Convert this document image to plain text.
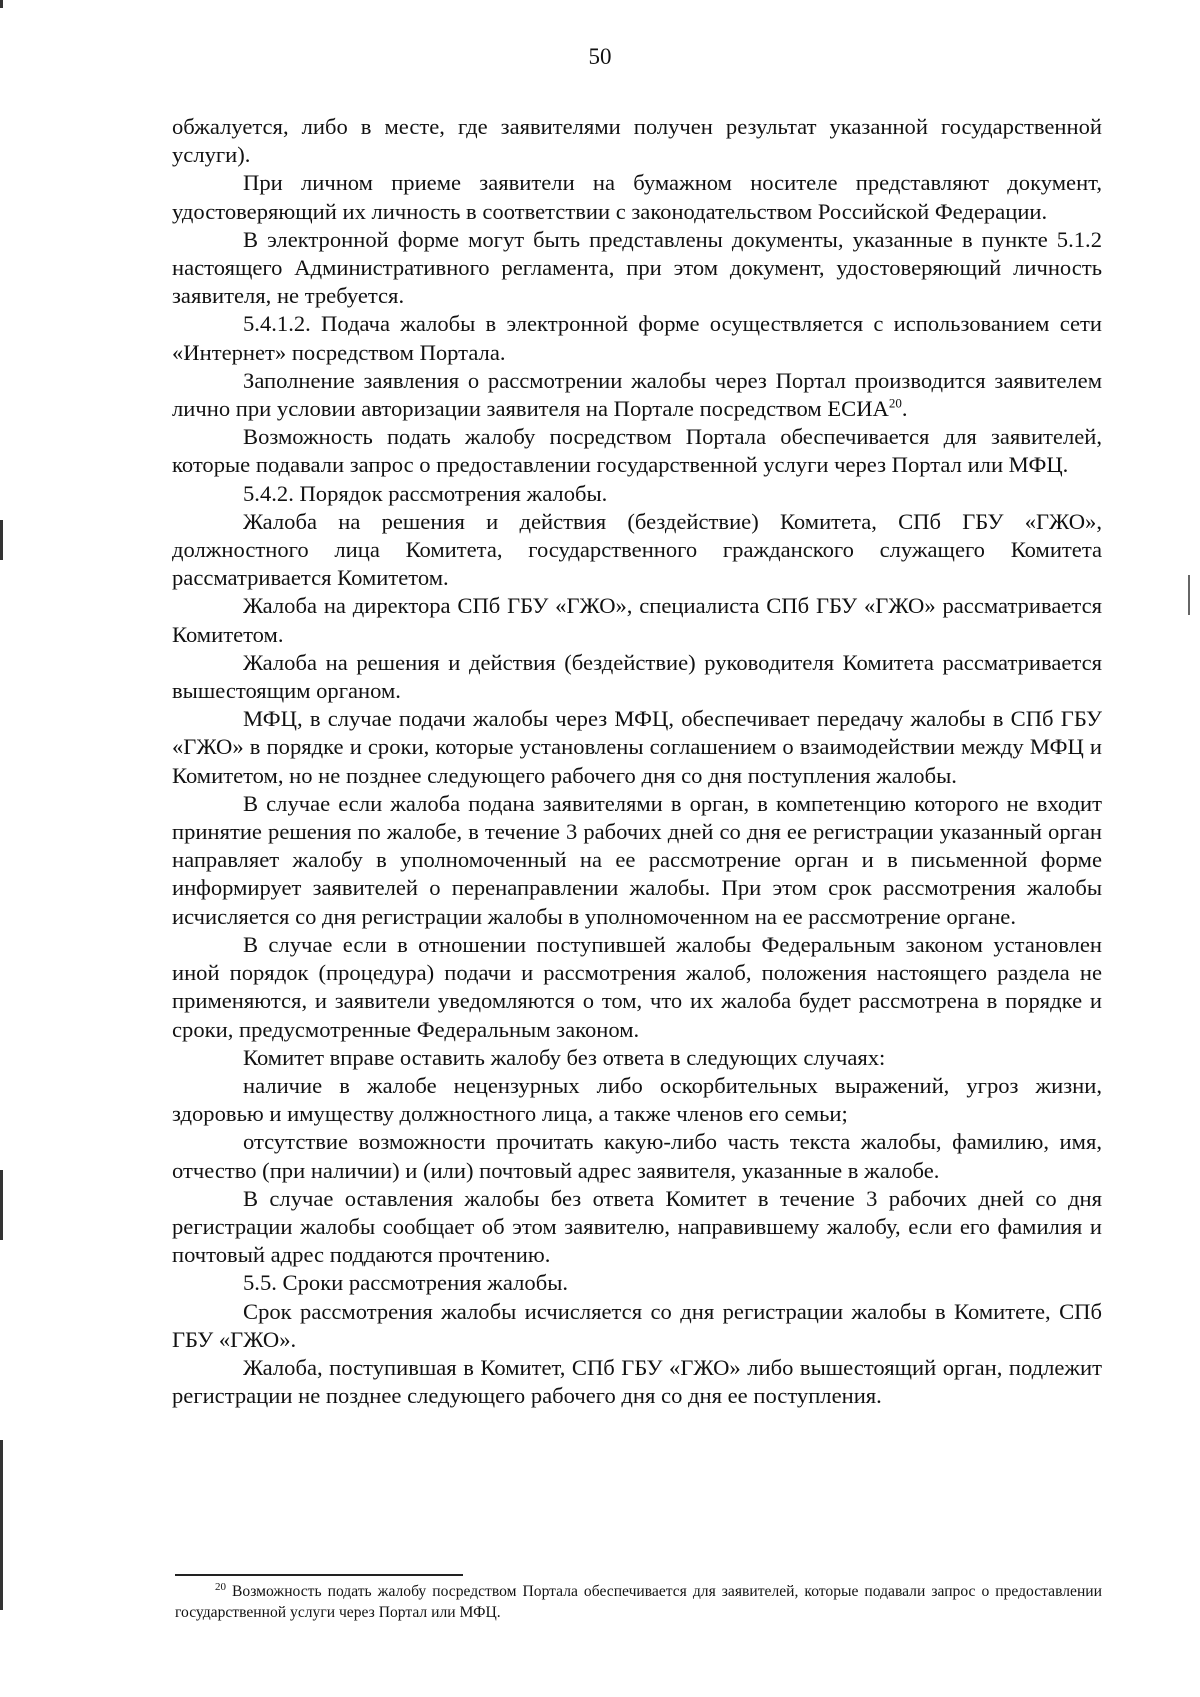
50

обжалуется, либо в месте, где заявителями получен результат указанной государственной услуги).

При личном приеме заявители на бумажном носителе представляют документ, удостоверяющий их личность в соответствии с законодательством Российской Федерации.

В электронной форме могут быть представлены документы, указанные в пункте 5.1.2 настоящего Административного регламента, при этом документ, удостоверяющий личность заявителя, не требуется.

5.4.1.2. Подача жалобы в электронной форме осуществляется с использованием сети «Интернет» посредством Портала.

Заполнение заявления о рассмотрении жалобы через Портал производится заявителем лично при условии авторизации заявителя на Портале посредством ЕСИА$^{20}$.

Возможность подать жалобу посредством Портала обеспечивается для заявителей, которые подавали запрос о предоставлении государственной услуги через Портал или МФЦ.

5.4.2. Порядок рассмотрения жалобы.

Жалоба на решения и действия (бездействие) Комитета, СПб ГБУ «ГЖО», должностного лица Комитета, государственного гражданского служащего Комитета рассматривается Комитетом.

Жалоба на директора СПб ГБУ «ГЖО», специалиста СПб ГБУ «ГЖО» рассматривается Комитетом.

Жалоба на решения и действия (бездействие) руководителя Комитета рассматривается вышестоящим органом.

МФЦ, в случае подачи жалобы через МФЦ, обеспечивает передачу жалобы в СПб ГБУ «ГЖО» в порядке и сроки, которые установлены соглашением о взаимодействии между МФЦ и Комитетом, но не позднее следующего рабочего дня со дня поступления жалобы.

В случае если жалоба подана заявителями в орган, в компетенцию которого не входит принятие решения по жалобе, в течение 3 рабочих дней со дня ее регистрации указанный орган направляет жалобу в уполномоченный на ее рассмотрение орган и в письменной форме информирует заявителей о перенаправлении жалобы. При этом срок рассмотрения жалобы исчисляется со дня регистрации жалобы в уполномоченном на ее рассмотрение органе.

В случае если в отношении поступившей жалобы Федеральным законом установлен иной порядок (процедура) подачи и рассмотрения жалоб, положения настоящего раздела не применяются, и заявители уведомляются о том, что их жалоба будет рассмотрена в порядке и сроки, предусмотренные Федеральным законом.

Комитет вправе оставить жалобу без ответа в следующих случаях:

наличие в жалобе нецензурных либо оскорбительных выражений, угроз жизни, здоровью и имуществу должностного лица, а также членов его семьи;

отсутствие возможности прочитать какую-либо часть текста жалобы, фамилию, имя, отчество (при наличии) и (или) почтовый адрес заявителя, указанные в жалобе.

В случае оставления жалобы без ответа Комитет в течение 3 рабочих дней со дня регистрации жалобы сообщает об этом заявителю, направившему жалобу, если его фамилия и почтовый адрес поддаются прочтению.

5.5. Сроки рассмотрения жалобы.

Срок рассмотрения жалобы исчисляется со дня регистрации жалобы в Комитете, СПб ГБУ «ГЖО».

Жалоба, поступившая в Комитет, СПб ГБУ «ГЖО» либо вышестоящий орган, подлежит регистрации не позднее следующего рабочего дня со дня ее поступления.

$^{20}$ Возможность подать жалобу посредством Портала обеспечивается для заявителей, которые подавали запрос о предоставлении государственной услуги через Портал или МФЦ.
